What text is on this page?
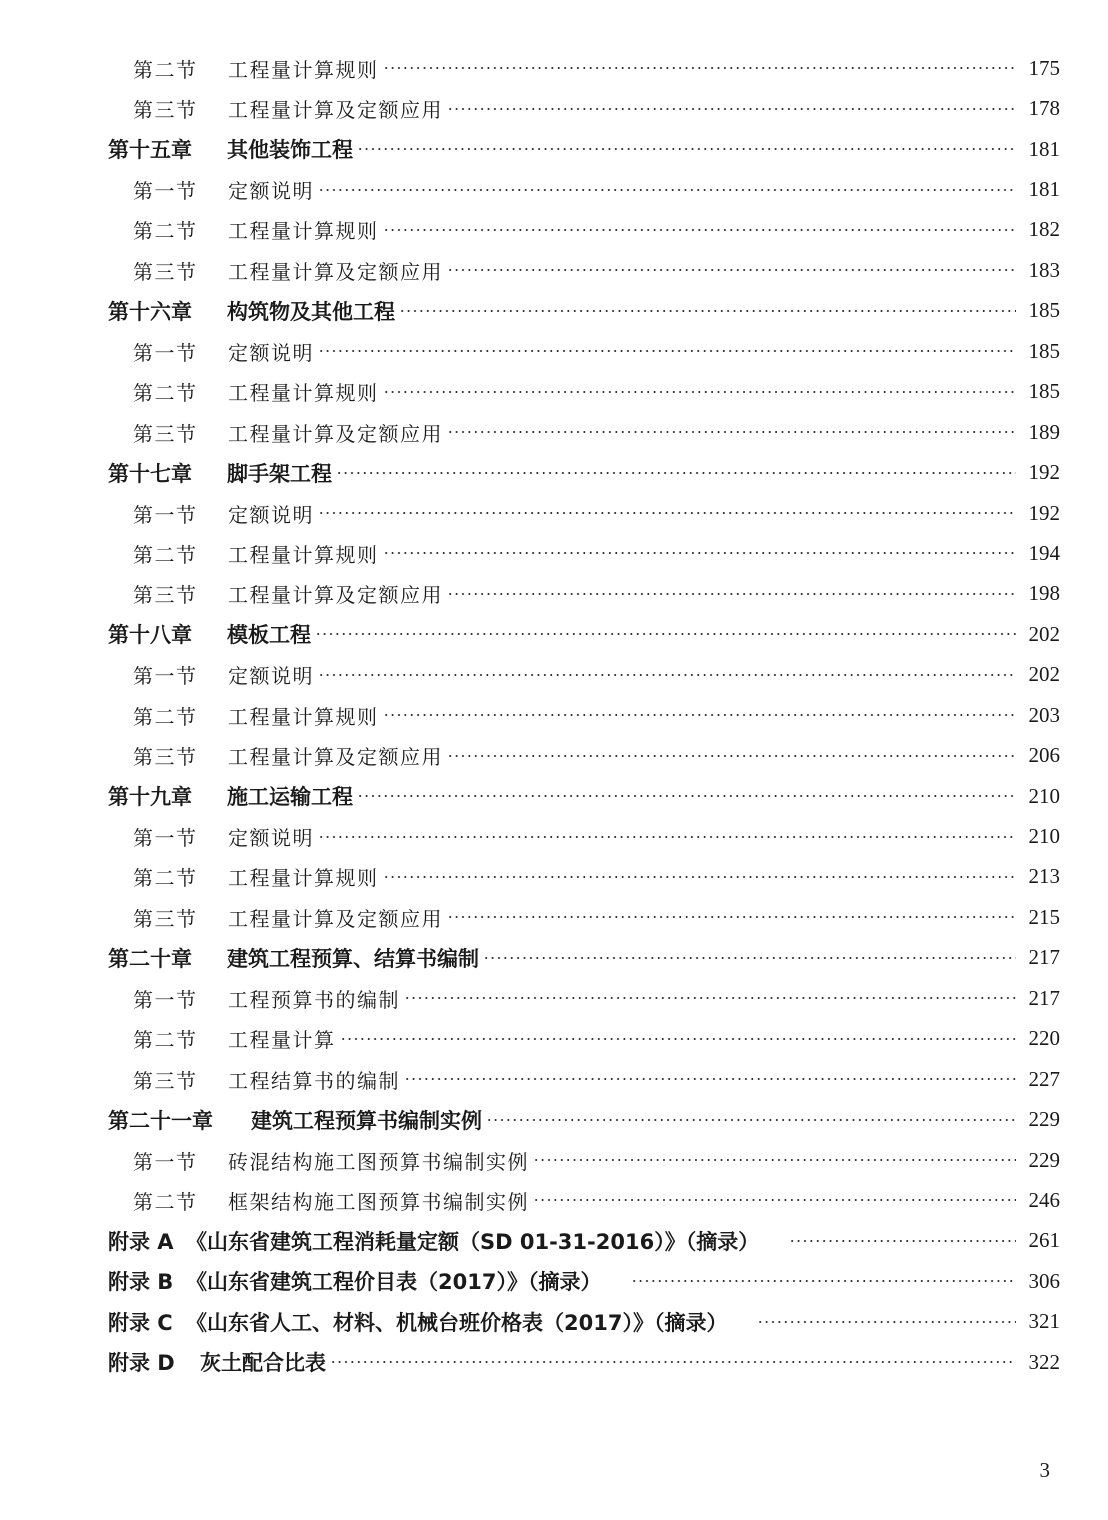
第二节	工程量计算规则	175
第三节	工程量计算及定额应用	178
第十五章	其他装饰工程	181
第一节	定额说明	181
第二节	工程量计算规则	182
第三节	工程量计算及定额应用	183
第十六章	构筑物及其他工程	185
第一节	定额说明	185
第二节	工程量计算规则	185
第三节	工程量计算及定额应用	189
第十七章	脚手架工程	192
第一节	定额说明	192
第二节	工程量计算规则	194
第三节	工程量计算及定额应用	198
第十八章	模板工程	202
第一节	定额说明	202
第二节	工程量计算规则	203
第三节	工程量计算及定额应用	206
第十九章	施工运输工程	210
第一节	定额说明	210
第二节	工程量计算规则	213
第三节	工程量计算及定额应用	215
第二十章	建筑工程预算、结算书编制	217
第一节	工程预算书的编制	217
第二节	工程量计算	220
第三节	工程结算书的编制	227
第二十一章	建筑工程预算书编制实例	229
第一节	砖混结构施工图预算书编制实例	229
第二节	框架结构施工图预算书编制实例	246
附录 A 《山东省建筑工程消耗量定额（SD 01-31-2016）》（摘录）	261
附录 B 《山东省建筑工程价目表（2017）》（摘录）	306
附录 C 《山东省人工、材料、机械台班价格表（2017）》（摘录）	321
附录 D	灰土配合比表	322
3
